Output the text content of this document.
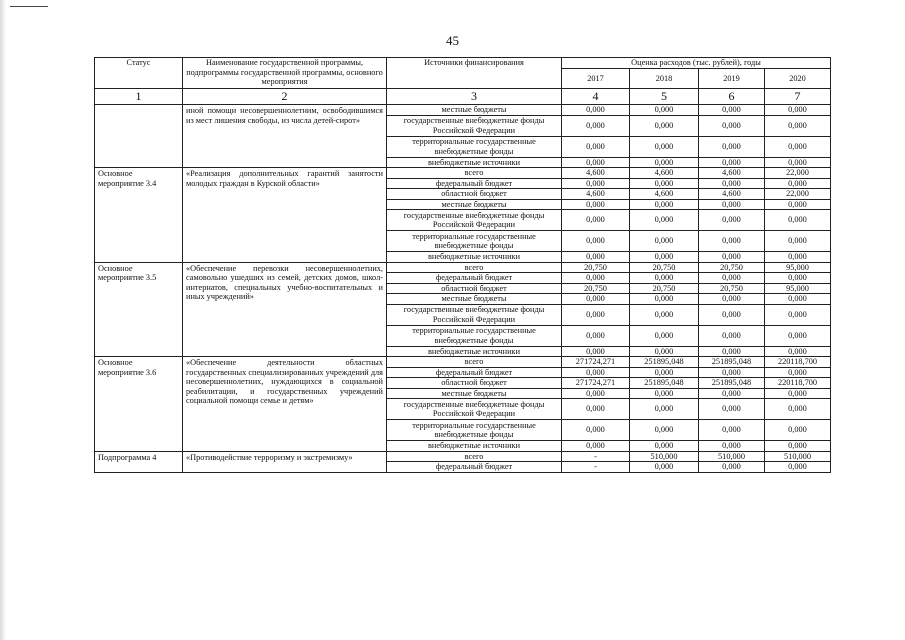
45
Статус	Наименование государственной программы, подпрограммы государственной программы, основного мероприятия	Источники финансирования	Оценка расходов (тыс. рублей), годы			
			2017	2018	2019	2020
1	2	3	4	5	6	7
	иной помощи несовершеннолетним, освободившимся из мест лишения свободы, из числа детей-сирот»	местные бюджеты	0,000	0,000	0,000	0,000
		государственные внебюджетные фонды Российской Федерации	0,000	0,000	0,000	0,000
		территориальные государственные внебюджетные фонды	0,000	0,000	0,000	0,000
		внебюджетные источники	0,000	0,000	0,000	0,000
Основное мероприятие 3.4	«Реализация дополнительных гарантий занятости молодых граждан в Курской области»	всего	4,600	4,600	4,600	22,000
		федеральный бюджет	0,000	0,000	0,000	0,000
		областной бюджет	4,600	4,600	4,600	22,000
		местные бюджеты	0,000	0,000	0,000	0,000
		государственные внебюджетные фонды Российской Федерации	0,000	0,000	0,000	0,000
		территориальные государственные внебюджетные фонды	0,000	0,000	0,000	0,000
		внебюджетные источники	0,000	0,000	0,000	0,000
Основное мероприятие 3.5	«Обеспечение перевозки несовершеннолетних, самовольно ушедших из семей, детских домов, школ-интернатов, специальных учебно-воспитательных и иных учреждений»	всего	20,750	20,750	20,750	95,000
		федеральный бюджет	0,000	0,000	0,000	0,000
		областной бюджет	20,750	20,750	20,750	95,000
		местные бюджеты	0,000	0,000	0,000	0,000
		государственные внебюджетные фонды Российской Федерации	0,000	0,000	0,000	0,000
		территориальные государственные внебюджетные фонды	0,000	0,000	0,000	0,000
		внебюджетные источники	0,000	0,000	0,000	0,000
Основное мероприятие 3.6	«Обеспечение деятельности областных государственных специализированных учреждений для несовершеннолетних, нуждающихся в социальной реабилитации, и государственных учреждений социальной помощи семье и детям»	всего	271724,271	251895,048	251895,048	220118,700
		федеральный бюджет	0,000	0,000	0,000	0,000
		областной бюджет	271724,271	251895,048	251895,048	220118,700
		местные бюджеты	0,000	0,000	0,000	0,000
		государственные внебюджетные фонды Российской Федерации	0,000	0,000	0,000	0,000
		территориальные государственные внебюджетные фонды	0,000	0,000	0,000	0,000
		внебюджетные источники	0,000	0,000	0,000	0,000
Подпрограмма 4	«Противодействие терроризму и экстремизму»	всего	-	510,000	510,000	510,000
		федеральный бюджет	-	0,000	0,000	0,000
